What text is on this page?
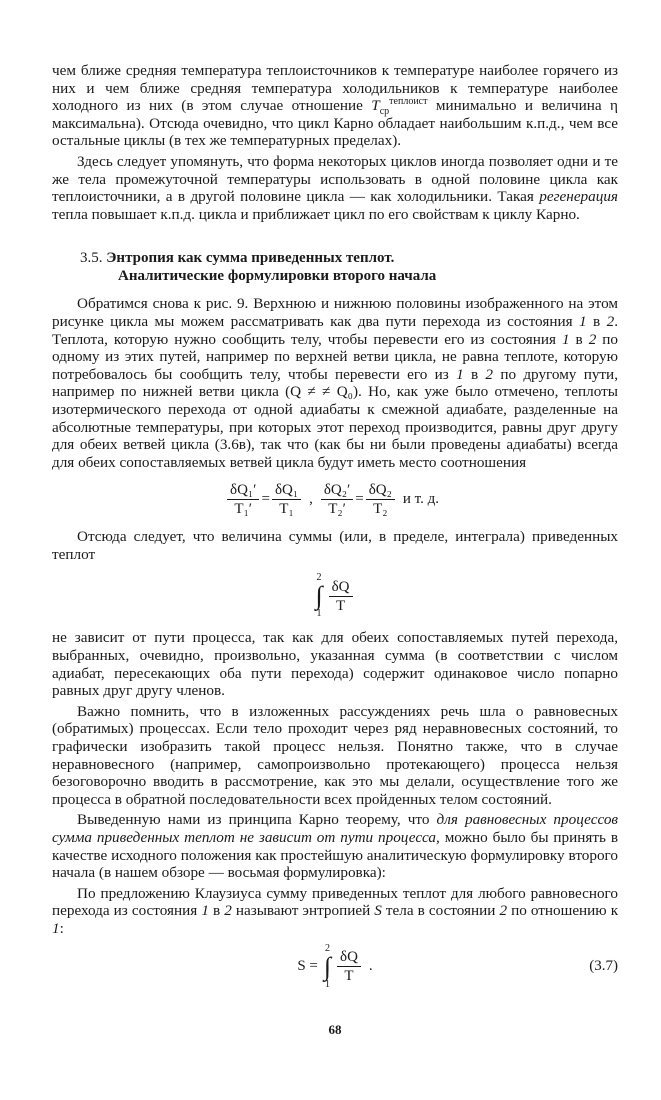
чем ближе средняя температура теплоисточников к температуре наиболее горячего из них и чем ближе средняя температура холодильников к температуре наиболее холодного из них (в этом случае отношение $T_{ср}^{теплоист}$ минимально и величина η максимальна). Отсюда очевидно, что цикл Карно обладает наибольшим к.п.д., чем все остальные циклы (в тех же температурных пределах).

Здесь следует упомянуть, что форма некоторых циклов иногда позволяет одни и те же тела промежуточной температуры использовать в одной половине цикла как теплоисточники, а в другой половине цикла — как холодильники. Такая регенерация тепла повышает к.п.д. цикла и приближает цикл по его свойствам к циклу Карно.

3.5. Энтропия как сумма приведенных теплот.
Аналитические формулировки второго начала

Обратимся снова к рис. 9. Верхнюю и нижнюю половины изображенного на этом рисунке цикла мы можем рассматривать как два пути перехода из состояния 1 в 2. Теплота, которую нужно сообщить телу, чтобы перевести его из состояния 1 в 2 по одному из этих путей, например по верхней ветви цикла, не равна теплоте, которую потребовалось бы сообщить телу, чтобы перевести его из 1 в 2 по другому пути, например по нижней ветви цикла (Q ≠ ≠ Q₀). Но, как уже было отмечено, теплоты изотермического перехода от одной адиабаты к смежной адиабате, разделенные на абсолютные температуры, при которых этот переход производится, равны друг другу для обеих ветвей цикла (3.6в), так что (как бы ни были проведены адиабаты) всегда для обеих сопоставляемых ветвей цикла будут иметь место соотношения

$\frac{\text{δQ₁′}}{\text{T₁′}} = \frac{\text{δQ₁}}{\text{T₁}}$ , $\frac{\text{δQ₂′}}{\text{T₂′}} = \frac{\text{δQ₂}}{\text{T₂}}$ и т. д.

Отсюда следует, что величина суммы (или, в пределе, интеграла) приведенных теплот

2
∫
$1 \frac{\delta Q}{T}$

не зависит от пути процесса, так как для обеих сопоставляемых путей перехода, выбранных, очевидно, произвольно, указанная сумма (в соответствии с числом адиабат, пересекающих оба пути перехода) содержит одинаковое число попарно равных друг другу членов.

Важно помнить, что в изложенных рассуждениях речь шла о равновесных (обратимых) процессах. Если тело проходит через ряд неравновесных состояний, то графически изобразить такой процесс нельзя. Понятно также, что в случае неравновесного (например, самопроизвольно протекающего) процесса нельзя безоговорочно вводить в рассмотрение, как это мы делали, осуществление того же процесса в обратной последовательности всех пройденных телом состояний.

Выведенную нами из принципа Карно теорему, что для равновесных процессов сумма приведенных теплот не зависит от пути процесса, можно было бы принять в качестве исходного положения как простейшую аналитическую формулировку второго начала (в нашем обзоре — восьмая формулировка):

По предложению Клаузиуса сумму приведенных теплот для любого равновесного перехода из состояния 1 в 2 называют энтропией S тела в состоянии 2 по отношению к 1:

S =
2
∫
$1 \frac{\delta Q}{T}$ .	(3.7)
68
